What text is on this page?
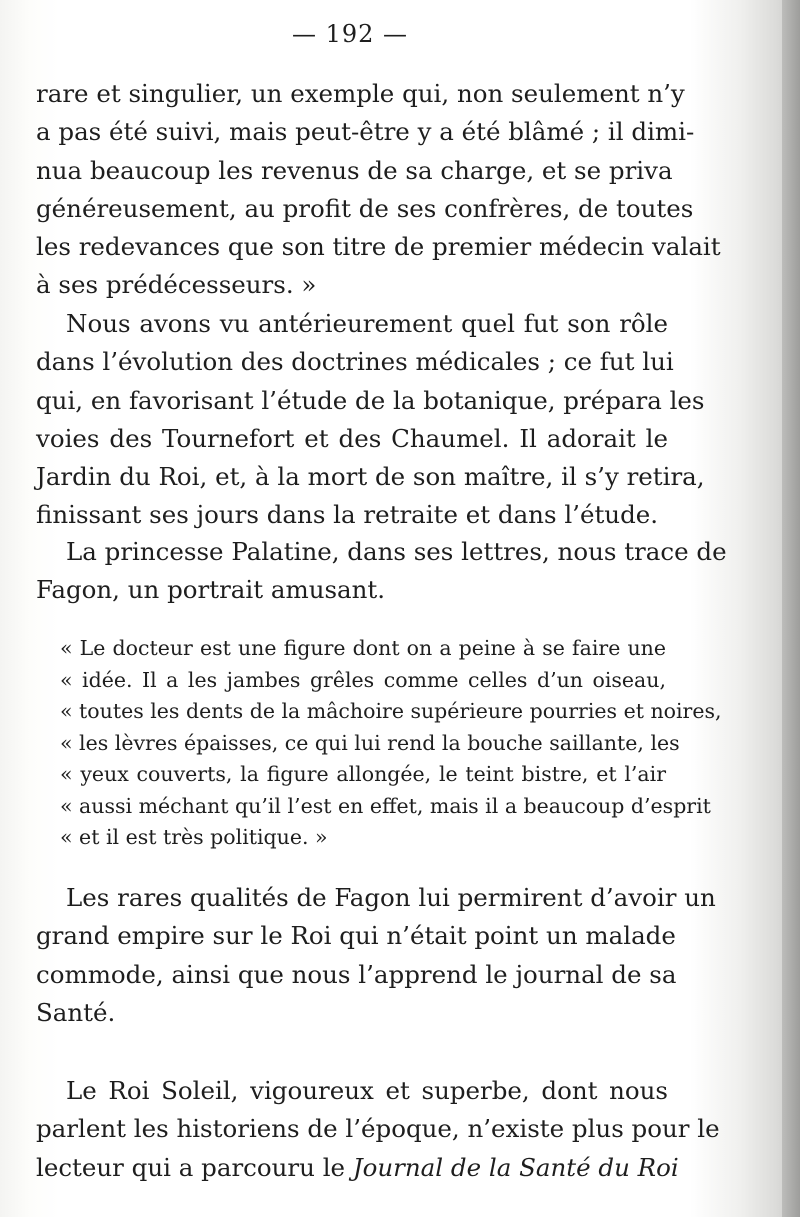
— 192 —
rare et singulier, un exemple qui, non seulement n’y
a pas été suivi, mais peut-être y a été blâmé ; il dimi-
nua beaucoup les revenus de sa charge, et se priva
généreusement, au profit de ses confrères, de toutes
les redevances que son titre de premier médecin valait
à ses prédécesseurs. »
Nous avons vu antérieurement quel fut son rôle
dans l’évolution des doctrines médicales ; ce fut lui
qui, en favorisant l’étude de la botanique, prépara les
voies des Tournefort et des Chaumel. Il adorait le
Jardin du Roi, et, à la mort de son maître, il s’y retira,
finissant ses jours dans la retraite et dans l’étude.
La princesse Palatine, dans ses lettres, nous trace de
Fagon, un portrait amusant.
« Le docteur est une figure dont on a peine à se faire une
« idée. Il a les jambes grêles comme celles d’un oiseau,
« toutes les dents de la mâchoire supérieure pourries et noires,
« les lèvres épaisses, ce qui lui rend la bouche saillante, les
« yeux couverts, la figure allongée, le teint bistre, et l’air
« aussi méchant qu’il l’est en effet, mais il a beaucoup d’esprit
« et il est très politique. »
Les rares qualités de Fagon lui permirent d’avoir un
grand empire sur le Roi qui n’était point un malade
commode, ainsi que nous l’apprend le journal de sa
Santé.
Le Roi Soleil, vigoureux et superbe, dont nous
parlent les historiens de l’époque, n’existe plus pour le
lecteur qui a parcouru le Journal de la Santé du Roi
